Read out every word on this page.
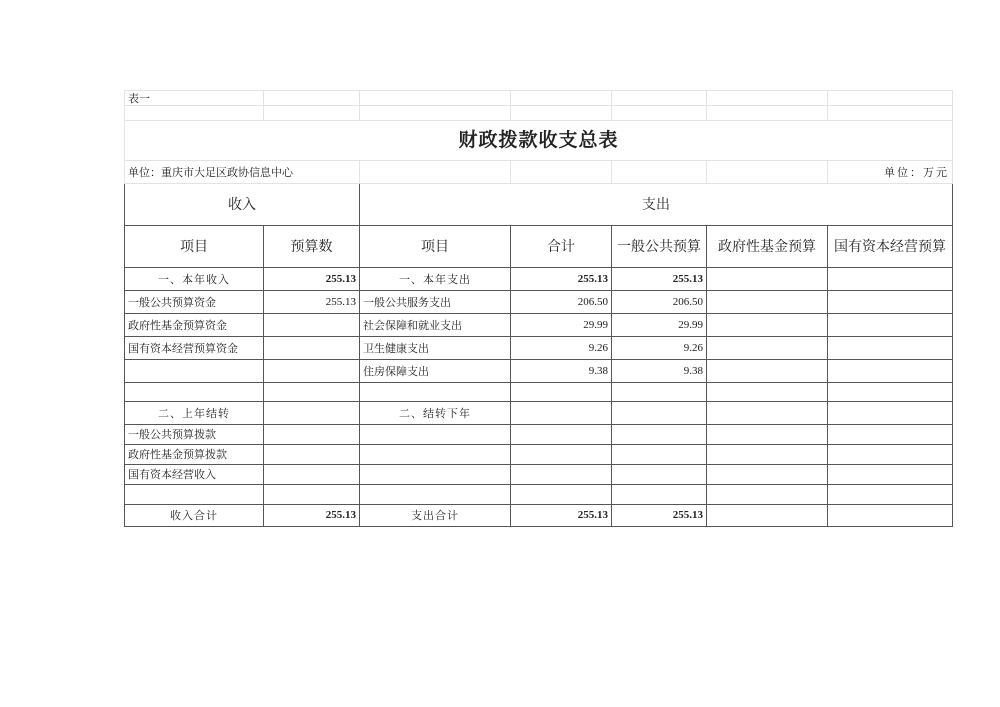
表一						

财政拨款收支总表						
单位：重庆市大足区政协信息中心						单位：万元
收入		支出				
项目	预算数	项目	合计	一般公共预算	政府性基金预算	国有资本经营预算
一、本年收入	255.13	一、本年支出	255.13	255.13		
一般公共预算资金	255.13	一般公共服务支出	206.50	206.50		
政府性基金预算资金		社会保障和就业支出	29.99	29.99		
国有资本经营预算资金		卫生健康支出	9.26	9.26		
		住房保障支出	9.38	9.38		

二、上年结转		二、结转下年				
一般公共预算拨款						
政府性基金预算拨款						
国有资本经营收入						

收入合计	255.13	支出合计	255.13	255.13		
